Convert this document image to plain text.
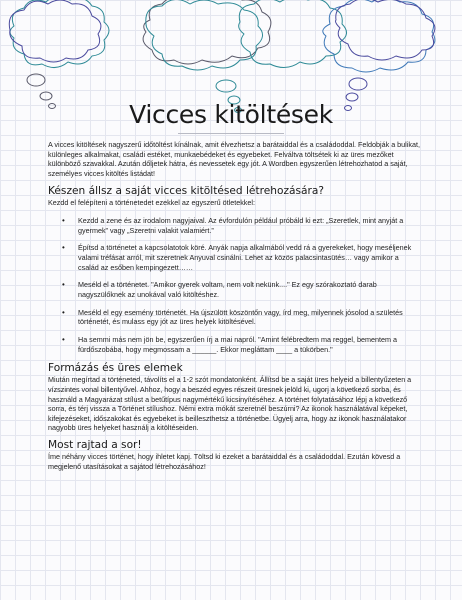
Vicces kitöltések

A vicces kitöltések nagyszerű időtöltést kínálnak, amit élvezhetsz a barátaiddal és a családoddal. Feldobják a bulikat, különleges alkalmakat, családi estéket, munkaebédeket és egyebeket. Felváltva töltsétek ki az üres mezőket különböző szavakkal. Azután dőljetek hátra, és nevessetek egy jót. A Wordben egyszerűen létrehozhatod a saját, személyes vicces kitöltés listádat!

Készen állsz a saját vicces kitöltésed létrehozására?

Kezdd el felépíteni a történetedet ezekkel az egyszerű ötletekkel:

• Kezdd a zene és az irodalom nagyjaival. Az évfordulón például próbáld ki ezt: „Szeretlek, mint anyját a gyermek” vagy „Szeretni valakit valamiért.”
• Építsd a történetet a kapcsolatotok köré. Anyák napja alkalmából vedd rá a gyerekeket, hogy meséljenek valami tréfásat arról, mit szeretnek Anyuval csinálni. Lehet az közös palacsintasütés… vagy amikor a család az esőben kempingezett……
• Meséld el a történetet. "Amikor gyerek voltam, nem volt nekünk...." Ez egy szórakoztató darab nagyszülőknek az unokával való kitöltéshez.
• Meséld el egy esemény történetét. Ha újszülött köszöntőn vagy, írd meg, milyennek jósolod a születés történetét, és mulass egy jót az üres helyek kitöltésével.
• Ha semmi más nem jön be, egyszerűen írj a mai napról. "Amint felébredtem ma reggel, bementem a fürdőszobába, hogy megmossam a ______. Ekkor megláttam ____ a tükörben."
Formázás és üres elemek

Miután megírtad a történeted, távolíts el a 1-2 szót mondatonként. Állítsd be a saját üres helyeid a billentyűzeten a vízszintes vonal billentyűvel. Ahhoz, hogy a beszéd egyes részeit üresnek jelöld ki, ugorj a következő sorba, és használd a Magyarázat stílust a betűtípus nagymértékű kicsinyítéséhez. A történet folytatásához lépj a következő sorra, és térj vissza a Történet stílushoz. Némi extra mókát szeretnél beszúrni? Az ikonok használatával képeket, kifejezéseket, időszakokat és egyebeket is beilleszthetsz a történetbe. Ügyelj arra, hogy az ikonok használatakor nagyobb üres helyeket használj a kitöltéseiden.

Most rajtad a sor!

Íme néhány vicces történet, hogy ihletet kapj. Töltsd ki ezeket a barátaiddal és a családoddal. Ezután kövesd a megjelenő utasításokat a sajátod létrehozásához!
